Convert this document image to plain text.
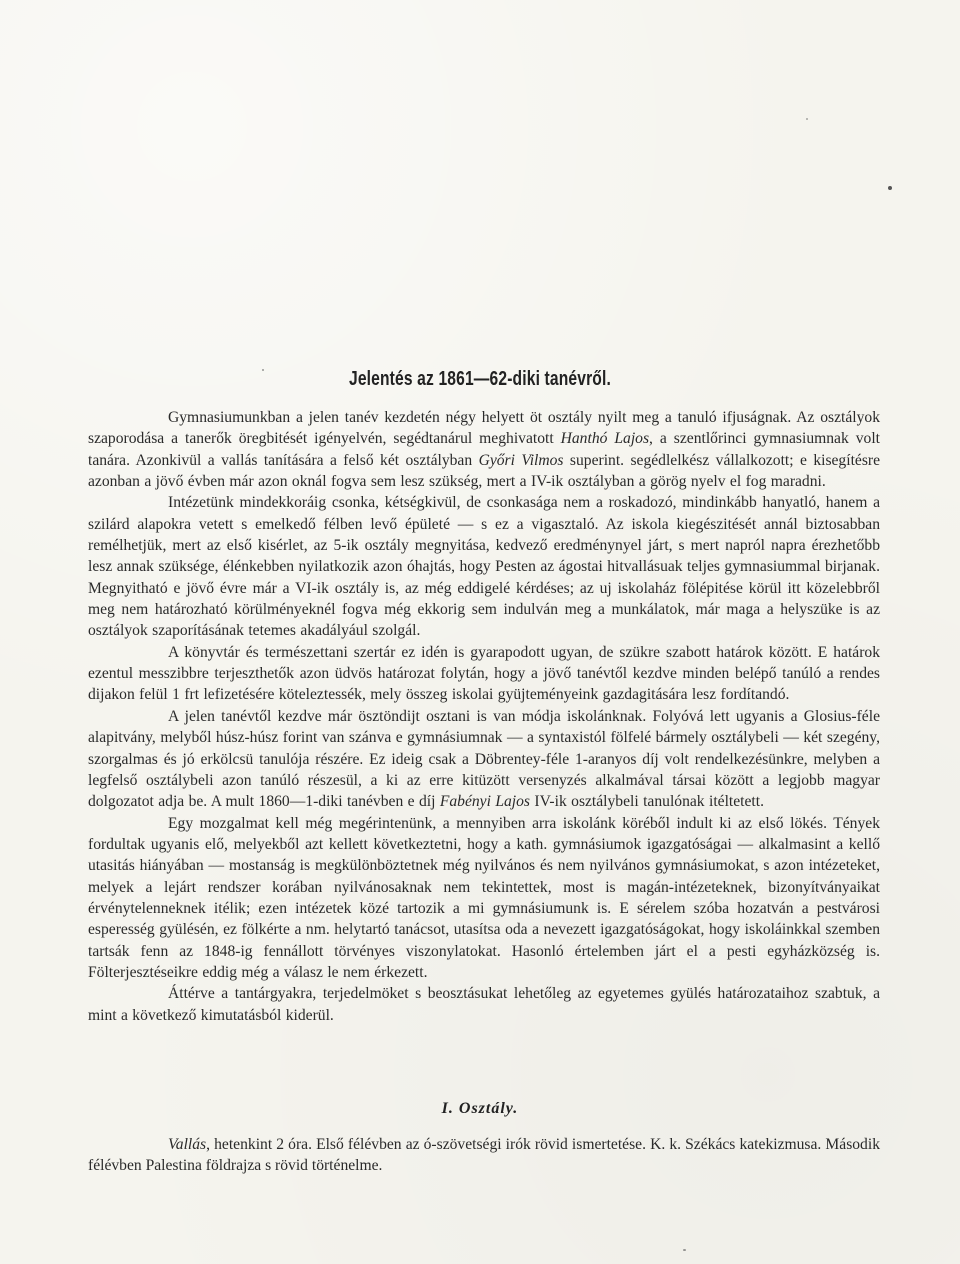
Jelentés az 1861—62-diki tanévről.

Gymnasiumunkban a jelen tanév kezdetén négy helyett öt osztály nyilt meg a tanuló ifjuságnak. Az osztályok szaporodása a tanerők öregbitését igényelvén, segédtanárul meghivatott Hanthó Lajos, a szentlőrinci gymnasiumnak volt tanára. Azonkivül a vallás tanítására a felső két osztályban Győri Vilmos superint. segédlelkész vállalkozott; e kisegítésre azonban a jövő évben már azon oknál fogva sem lesz szükség, mert a IV-ik osztályban a görög nyelv el fog maradni.

Intézetünk mindekkoráig csonka, kétségkivül, de csonkasága nem a roskadozó, mindinkább hanyatló, hanem a szilárd alapokra vetett s emelkedő félben levő épületé — s ez a vigasztaló. Az iskola kiegészitését annál biztosabban remélhetjük, mert az első kisérlet, az 5-ik osztály megnyitása, kedvező eredménynyel járt, s mert napról napra érezhetőbb lesz annak szüksége, élénkebben nyilatkozik azon óhajtás, hogy Pesten az ágostai hitvallásuak teljes gymnasiummal birjanak. Megnyitható e jövő évre már a VI-ik osztály is, az még eddigelé kérdéses; az uj iskolaház fölépitése körül itt közelebbről meg nem határozható körülményeknél fogva még ekkorig sem indulván meg a munkálatok, már maga a helyszüke is az osztályok szaporításának tetemes akadályául szolgál.

A könyvtár és természettani szertár ez idén is gyarapodott ugyan, de szükre szabott határok között. E határok ezentul messzibbre terjeszthetők azon üdvös határozat folytán, hogy a jövő tanévtől kezdve minden belépő tanúló a rendes dijakon felül 1 frt lefizetésére köteleztessék, mely összeg iskolai gyüjteményeink gazdagitására lesz fordítandó.

A jelen tanévtől kezdve már ösztöndijt osztani is van módja iskolánknak. Folyóvá lett ugyanis a Glosius-féle alapitvány, melyből húsz-húsz forint van szánva e gymnásiumnak — a syntaxistól fölfelé bármely osztálybeli — két szegény, szorgalmas és jó erkölcsü tanulója részére. Ez ideig csak a Döbrentey-féle 1-aranyos díj volt rendelkezésünkre, melyben a legfelső osztálybeli azon tanúló részesül, a ki az erre kitüzött versenyzés alkalmával társai között a legjobb magyar dolgozatot adja be. A mult 1860—1-diki tanévben e díj Fabényi Lajos IV-ik osztálybeli tanulónak itéltetett.

Egy mozgalmat kell még megérintenünk, a mennyiben arra iskolánk köréből indult ki az első lökés. Tények fordultak ugyanis elő, melyekből azt kellett következtetni, hogy a kath. gymnásiumok igazgatóságai — alkalmasint a kellő utasitás hiányában — mostanság is megkülönböztetnek még nyilvános és nem nyilvános gymnásiumokat, s azon intézeteket, melyek a lejárt rendszer korában nyilvánosaknak nem tekintettek, most is magán-intézeteknek, bizonyítványaikat érvénytelenneknek itélik; ezen intézetek közé tartozik a mi gymnásiumunk is. E sérelem szóba hozatván a pestvárosi esperesség gyülésén, ez fölkérte a nm. helytartó tanácsot, utasítsa oda a nevezett igazgatóságokat, hogy iskoláinkkal szemben tartsák fenn az 1848-ig fennállott törvényes viszonylatokat. Hasonló értelemben járt el a pesti egyházközség is. Fölterjesztéseikre eddig még a válasz le nem érkezett.

Áttérve a tantárgyakra, terjedelmöket s beosztásukat lehetőleg az egyetemes gyülés határozataihoz szabtuk, a mint a következő kimutatásból kiderül.

I. Osztály.

Vallás, hetenkint 2 óra. Első félévben az ó-szövetségi irók rövid ismertetése. K. k. Székács katekizmusa. Második félévben Palestina földrajza s rövid történelme.
